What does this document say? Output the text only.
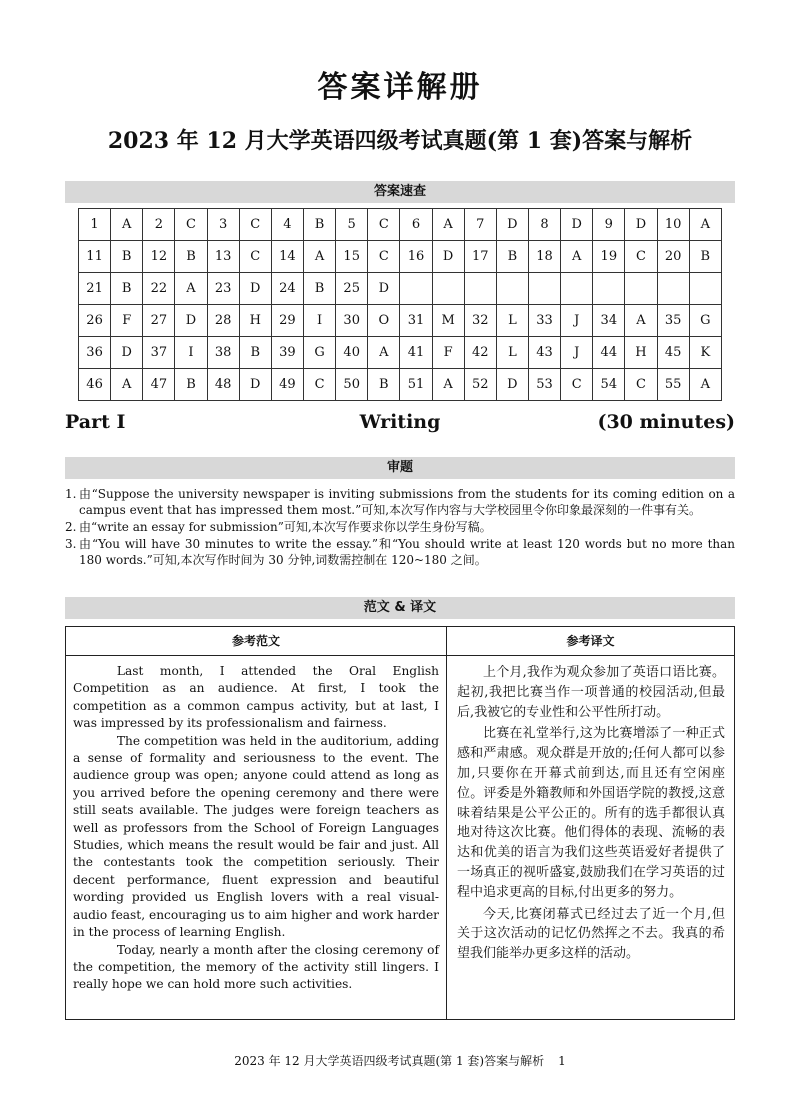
答案详解册
2023 年 12 月大学英语四级考试真题(第 1 套)答案与解析
答案速查
1	A	2	C	3	C	4	B	5	C	6	A	7	D	8	D	9	D	10	A
11	B	12	B	13	C	14	A	15	C	16	D	17	B	18	A	19	C	20	B
21	B	22	A	23	D	24	B	25	D										
26	F	27	D	28	H	29	I	30	O	31	M	32	L	33	J	34	A	35	G
36	D	37	I	38	B	39	G	40	A	41	F	42	L	43	J	44	H	45	K
46	A	47	B	48	D	49	C	50	B	51	A	52	D	53	C	54	C	55	A
Part Ⅰ	Writing	(30 minutes)
审题
1. 由“Suppose the university newspaper is inviting submissions from the students for its coming edition on a campus event that has impressed them most.”可知,本次写作内容与大学校园里令你印象最深刻的一件事有关。
2. 由“write an essay for submission”可知,本次写作要求你以学生身份写稿。
3. 由“You will have 30 minutes to write the essay.”和“You should write at least 120 words but no more than 180 words.”可知,本次写作时间为 30 分钟,词数需控制在 120~180 之间。
范文 & 译文
参考范文	参考译文

Last month, I attended the Oral English Competition as an audience. At first, I took the competition as a common campus activity, but at last, I was impressed by its professionalism and fairness.

The competition was held in the auditorium, adding a sense of formality and seriousness to the event. The audience group was open; anyone could attend as long as you arrived before the opening ceremony and there were still seats available. The judges were foreign teachers as well as professors from the School of Foreign Languages Studies, which means the result would be fair and just. All the contestants took the competition seriously. Their decent performance, fluent expression and beautiful wording provided us English lovers with a real visual-audio feast, encouraging us to aim higher and work harder in the process of learning English.

Today, nearly a month after the closing ceremony of the competition, the memory of the activity still lingers. I really hope we can hold more such activities.

上个月,我作为观众参加了英语口语比赛。起初,我把比赛当作一项普通的校园活动,但最后,我被它的专业性和公平性所打动。

比赛在礼堂举行,这为比赛增添了一种正式感和严肃感。观众群是开放的;任何人都可以参加,只要你在开幕式前到达,而且还有空闲座位。评委是外籍教师和外国语学院的教授,这意味着结果是公平公正的。所有的选手都很认真地对待这次比赛。他们得体的表现、流畅的表达和优美的语言为我们这些英语爱好者提供了一场真正的视听盛宴,鼓励我们在学习英语的过程中追求更高的目标,付出更多的努力。

今天,比赛闭幕式已经过去了近一个月,但关于这次活动的记忆仍然挥之不去。我真的希望我们能举办更多这样的活动。

2023 年 12 月大学英语四级考试真题(第 1 套)答案与解析 1
